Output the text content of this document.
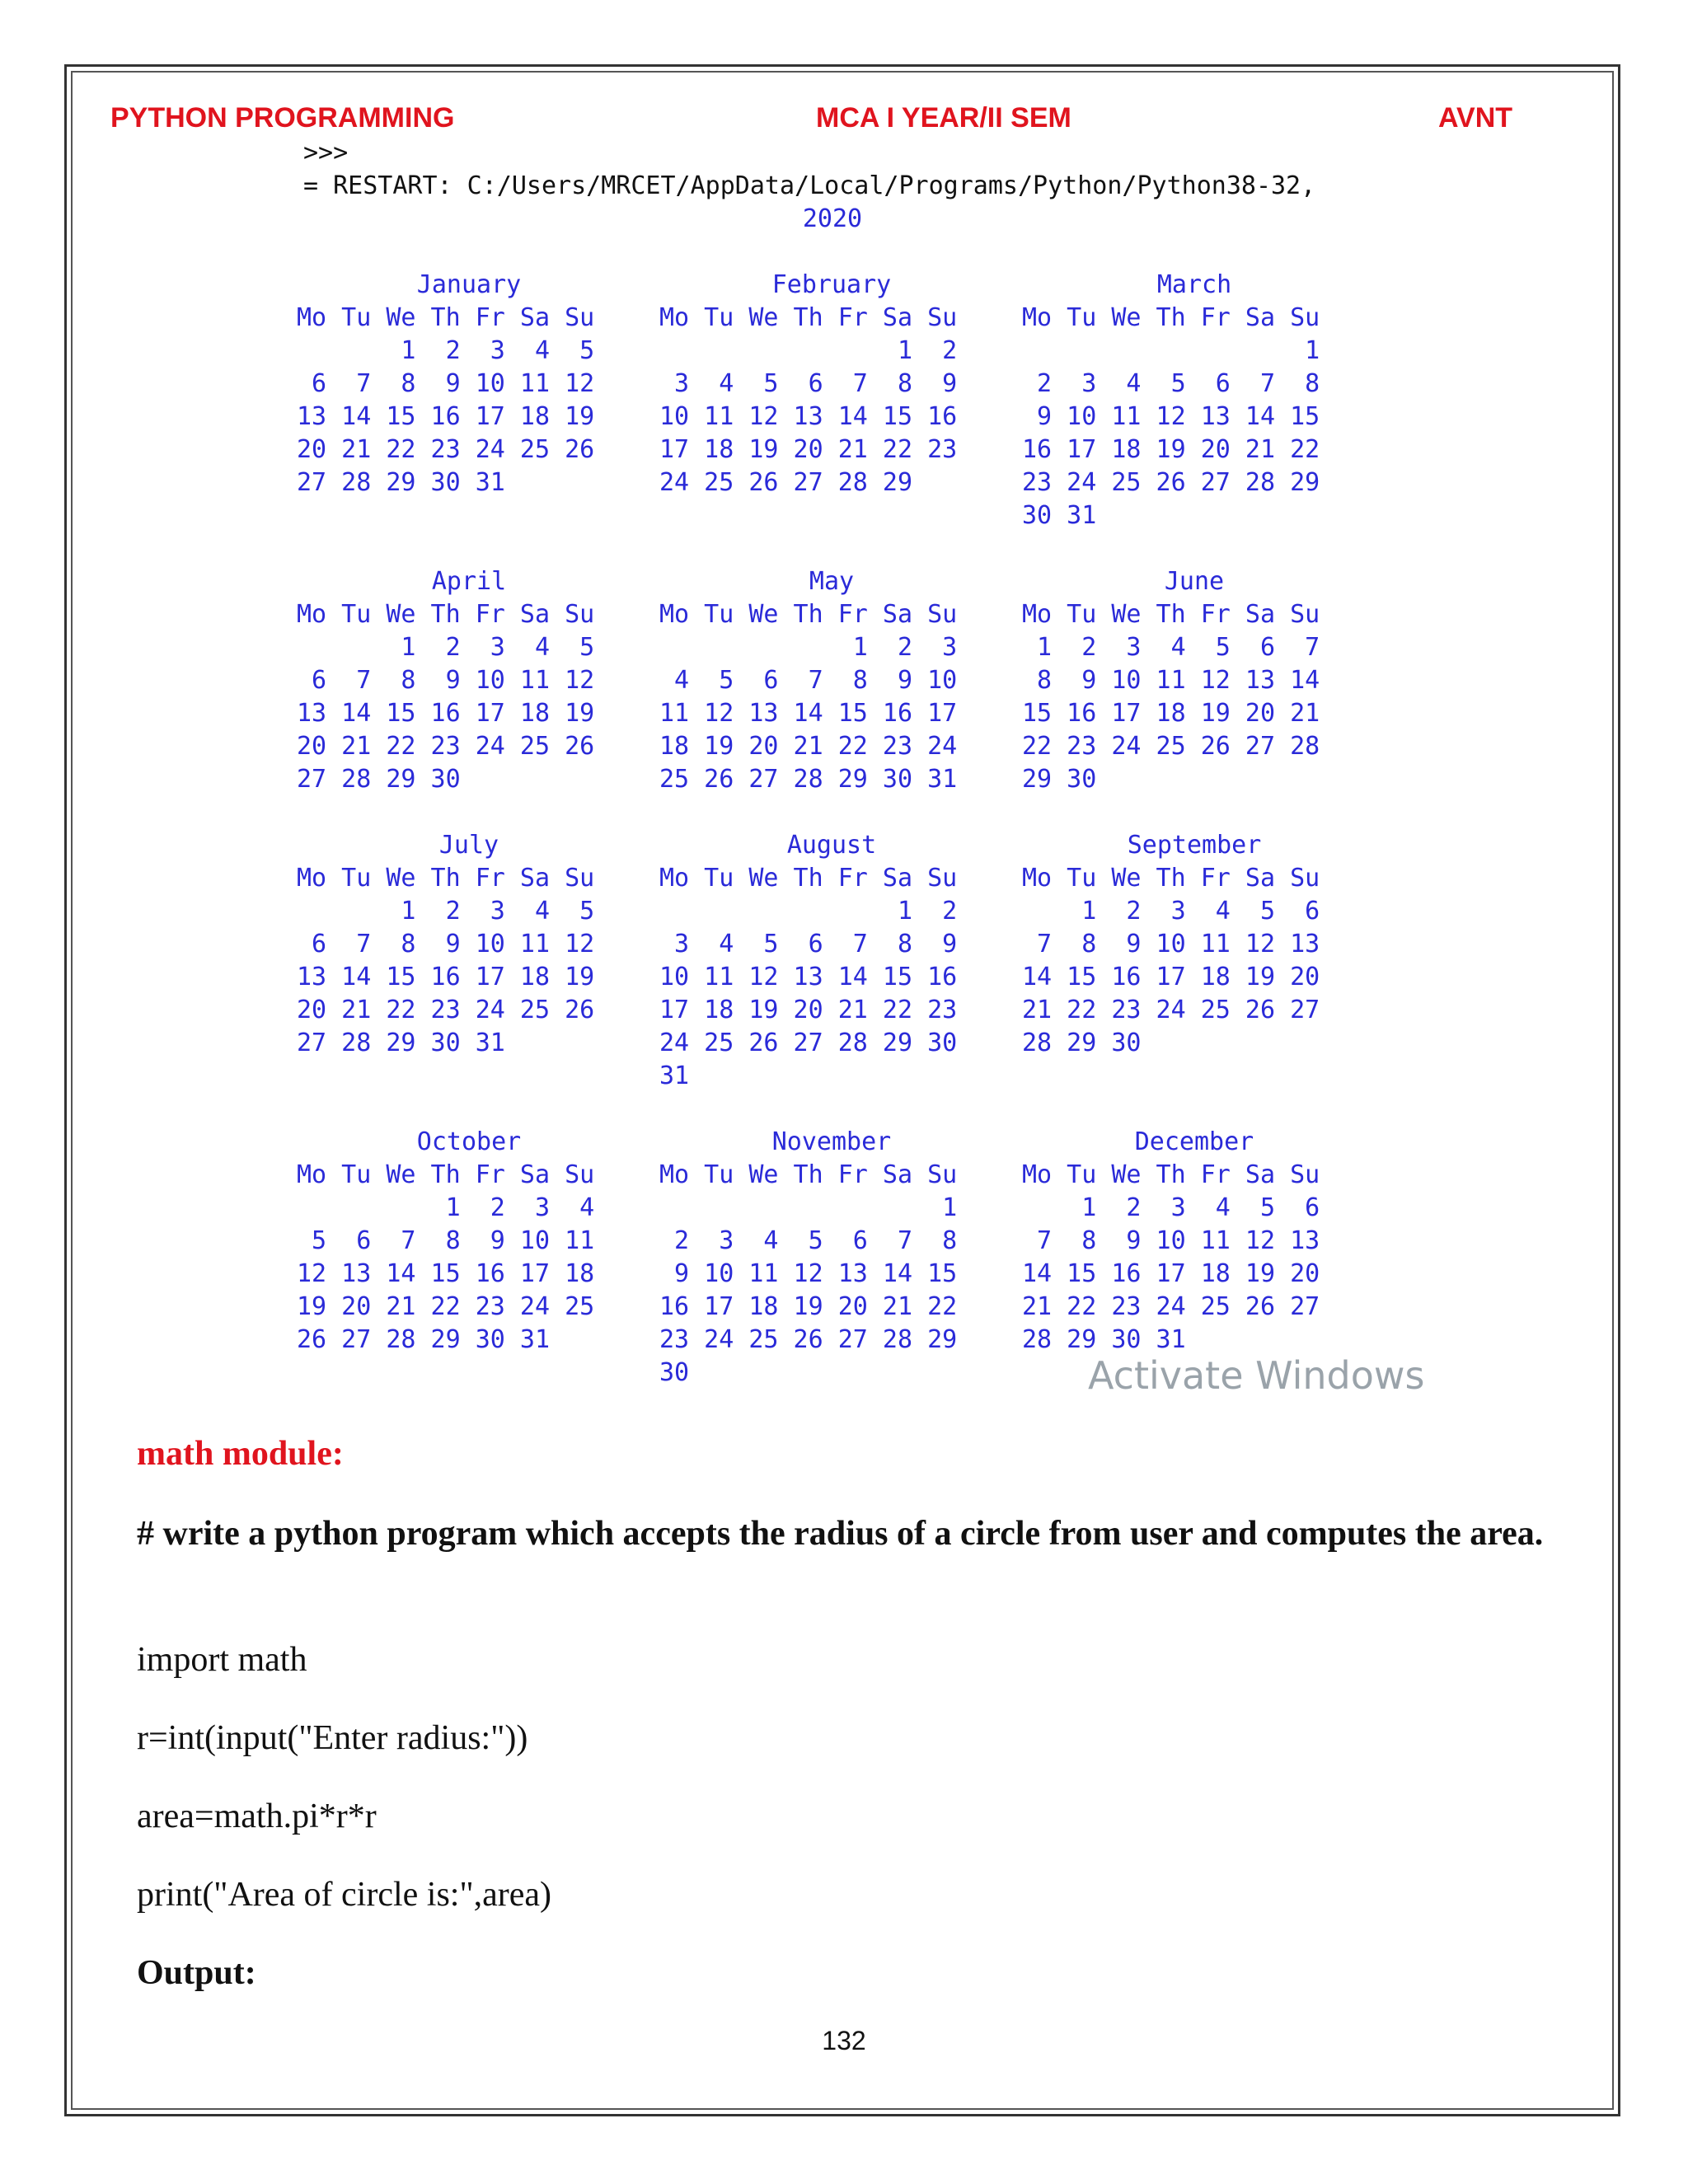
PYTHON PROGRAMMING	MCA I YEAR/II SEM	AVNT
>>>
= RESTART: C:/Users/MRCET/AppData/Local/Programs/Python/Python38-32,
2020
January
Mo Tu We Th Fr Sa Su
1  2  3  4  5
6  7  8  9 10 11 12
13 14 15 16 17 18 19
20 21 22 23 24 25 26
27 28 29 30 31
February
Mo Tu We Th Fr Sa Su
1  2
3  4  5  6  7  8  9
10 11 12 13 14 15 16
17 18 19 20 21 22 23
24 25 26 27 28 29
March
Mo Tu We Th Fr Sa Su
1
2  3  4  5  6  7  8
9 10 11 12 13 14 15
16 17 18 19 20 21 22
23 24 25 26 27 28 29
30 31
April
Mo Tu We Th Fr Sa Su
1  2  3  4  5
6  7  8  9 10 11 12
13 14 15 16 17 18 19
20 21 22 23 24 25 26
27 28 29 30
May
Mo Tu We Th Fr Sa Su
1  2  3
4  5  6  7  8  9 10
11 12 13 14 15 16 17
18 19 20 21 22 23 24
25 26 27 28 29 30 31
June
Mo Tu We Th Fr Sa Su
1  2  3  4  5  6  7
8  9 10 11 12 13 14
15 16 17 18 19 20 21
22 23 24 25 26 27 28
29 30
July
Mo Tu We Th Fr Sa Su
1  2  3  4  5
6  7  8  9 10 11 12
13 14 15 16 17 18 19
20 21 22 23 24 25 26
27 28 29 30 31
August
Mo Tu We Th Fr Sa Su
1  2
3  4  5  6  7  8  9
10 11 12 13 14 15 16
17 18 19 20 21 22 23
24 25 26 27 28 29 30
31
September
Mo Tu We Th Fr Sa Su
1  2  3  4  5  6
7  8  9 10 11 12 13
14 15 16 17 18 19 20
21 22 23 24 25 26 27
28 29 30
October
Mo Tu We Th Fr Sa Su
1  2  3  4
5  6  7  8  9 10 11
12 13 14 15 16 17 18
19 20 21 22 23 24 25
26 27 28 29 30 31
November
Mo Tu We Th Fr Sa Su
1
2  3  4  5  6  7  8
9 10 11 12 13 14 15
16 17 18 19 20 21 22
23 24 25 26 27 28 29
30
December
Mo Tu We Th Fr Sa Su
1  2  3  4  5  6
7  8  9 10 11 12 13
14 15 16 17 18 19 20
21 22 23 24 25 26 27
28 29 30 31
Activate Windows
math module:
# write a python program which accepts the radius of a circle from user and computes the area.
import math
r=int(input("Enter radius:"))
area=math.pi*r*r
print("Area of circle is:",area)
Output:
132
